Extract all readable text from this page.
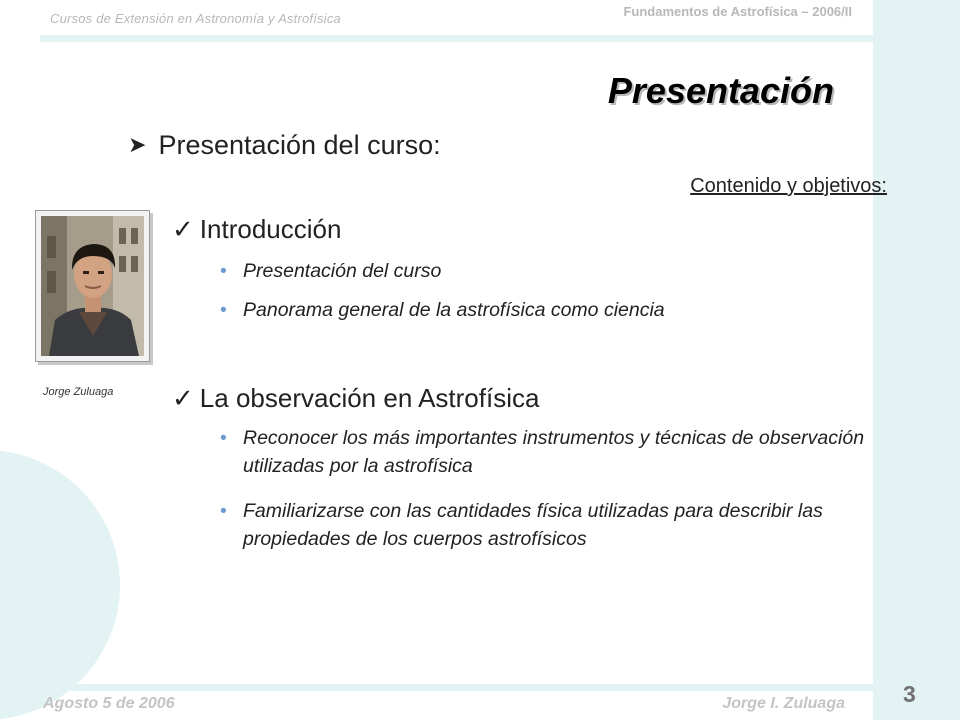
Cursos de Extensión en Astronomía y Astrofísica	Fundamentos de Astrofísica – 2006/II
Presentación
➤ Presentación del curso:
Contenido y objetivos:
✓ Introducción
• Presentación del curso
• Panorama general de la astrofísica como ciencia
✓ La observación en Astrofísica
• Reconocer los más importantes instrumentos y técnicas de observación utilizadas por la astrofísica
• Familiarizarse con las cantidades física utilizadas para describir las propiedades de los cuerpos astrofísicos
Jorge Zuluaga
Agosto 5 de 2006	Jorge I. Zuluaga	3
